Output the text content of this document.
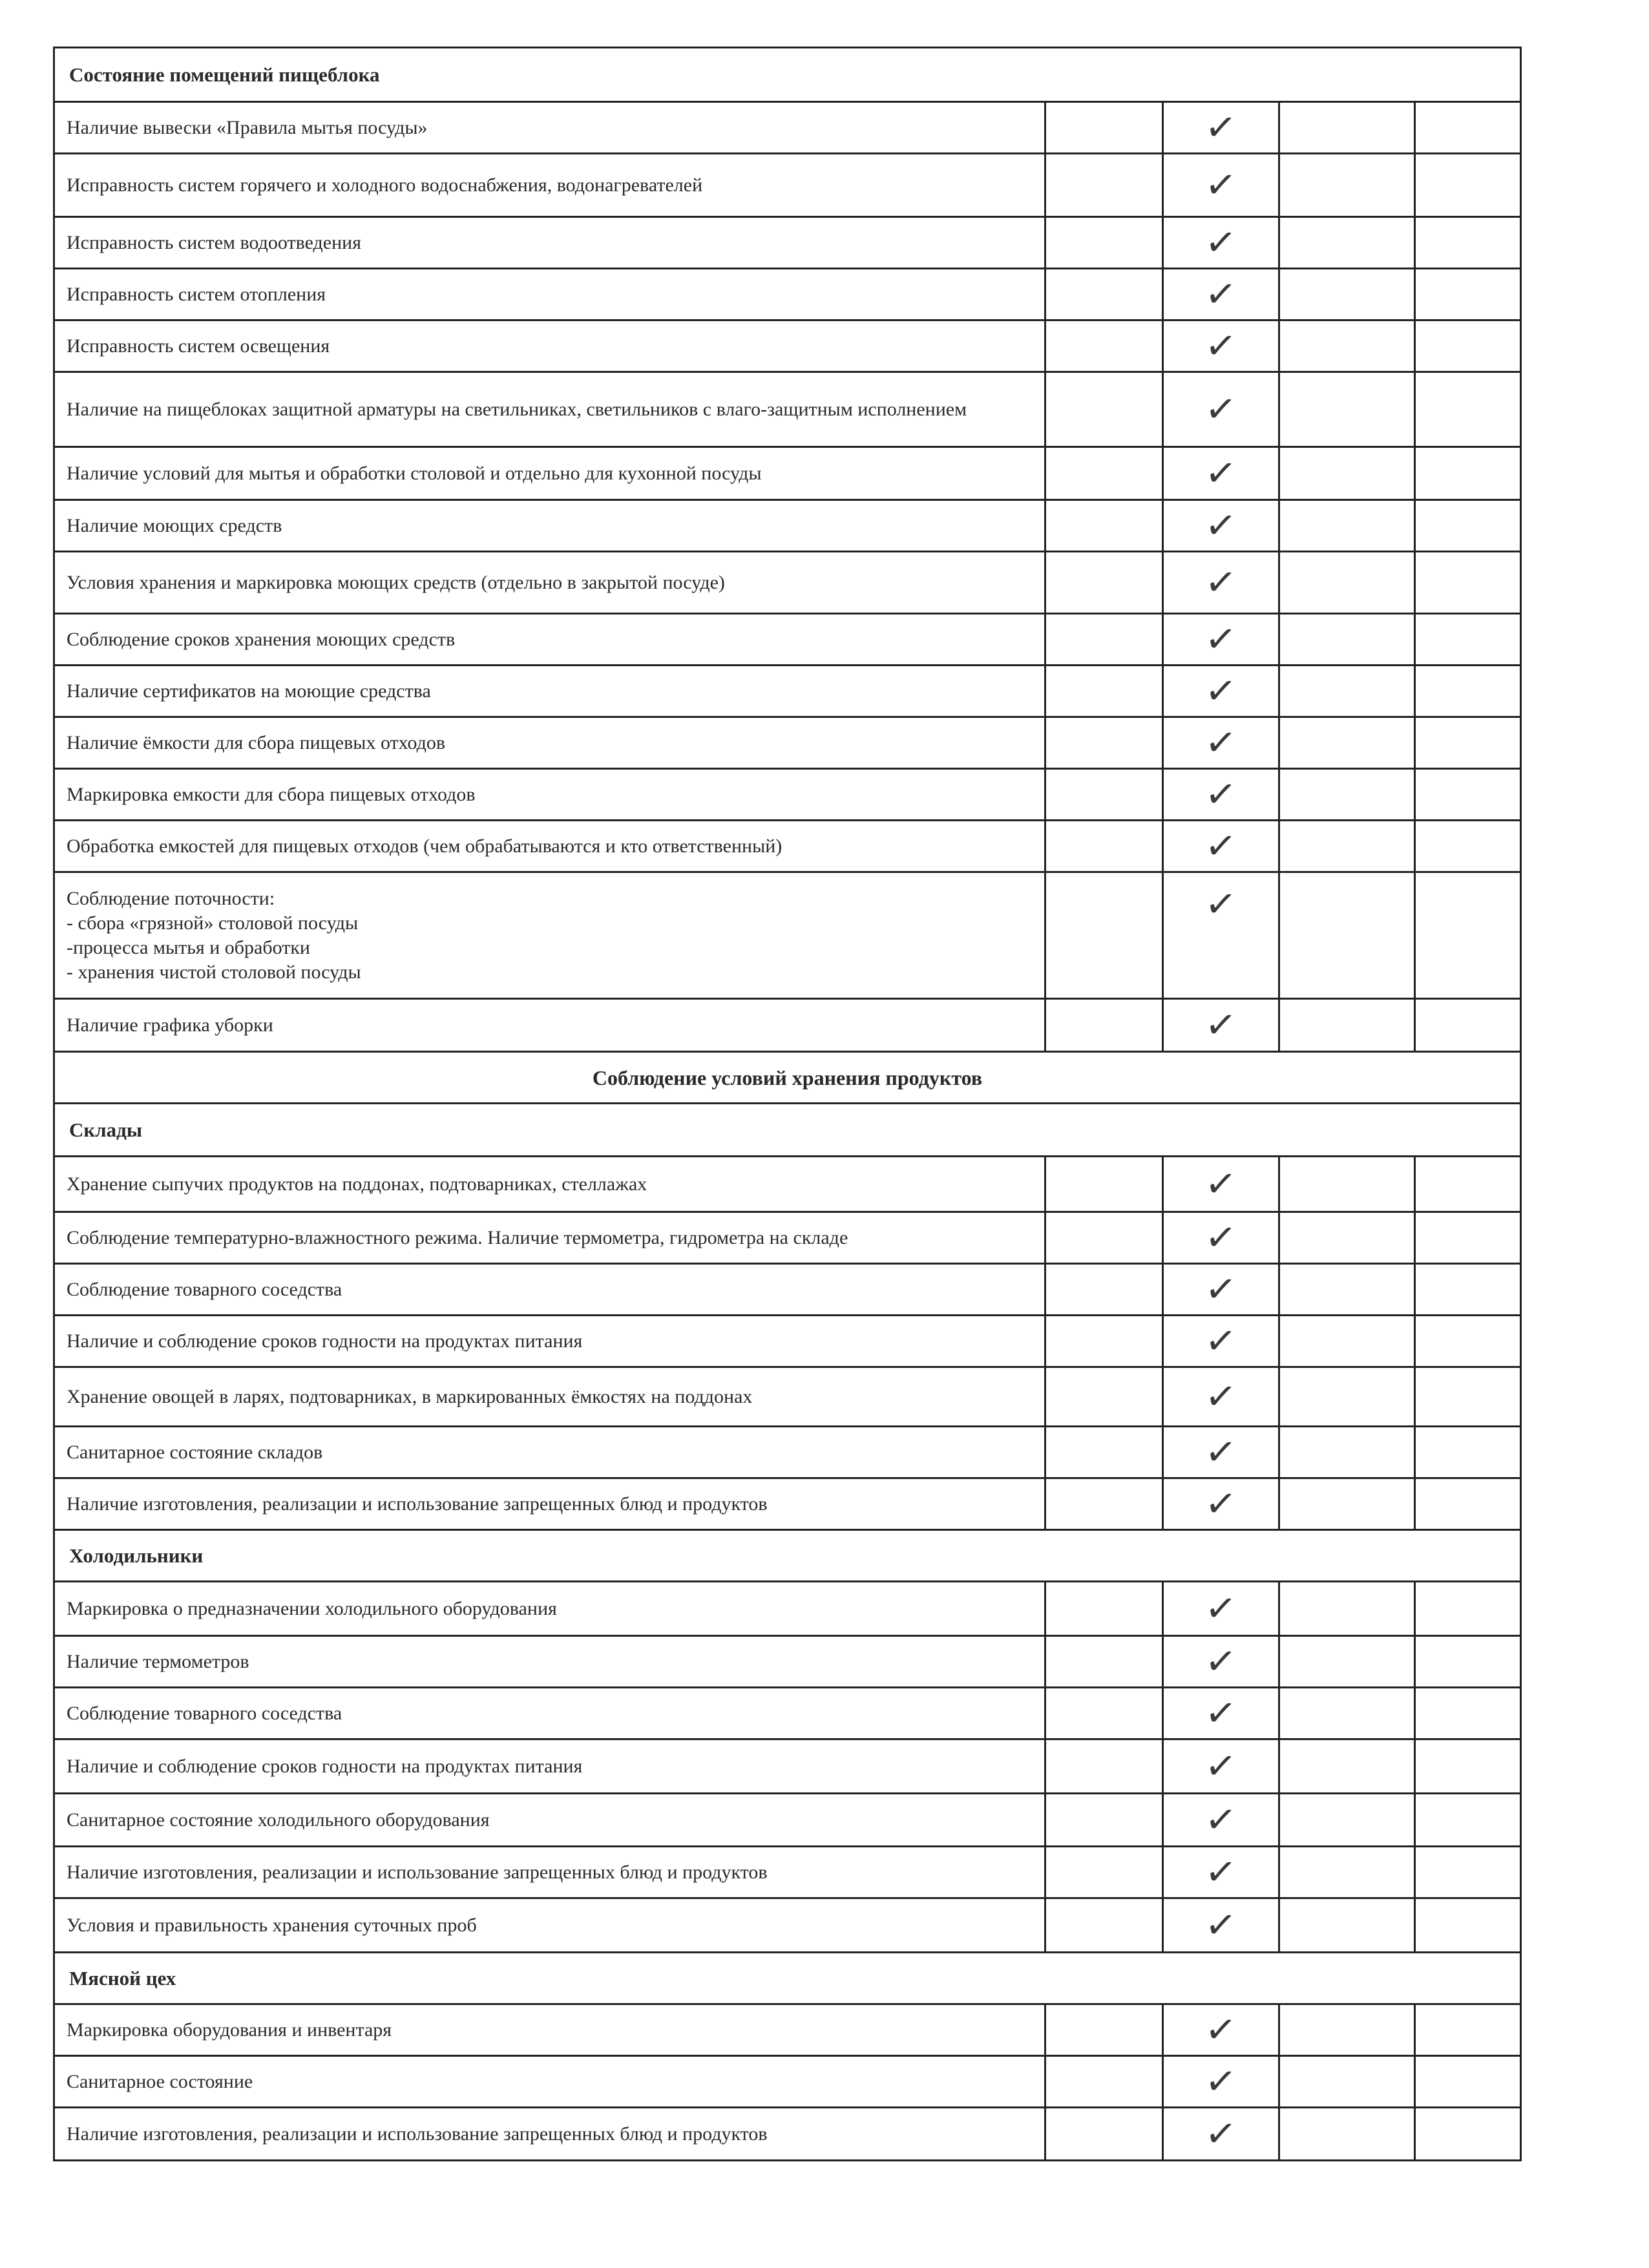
Состояние помещений пищеблока				
Наличие вывески «Правила мытья посуды»		✓		
Исправность систем горячего и холодного водоснабжения, водонагревателей		✓		
Исправность систем водоотведения		✓		
Исправность систем отопления		✓		
Исправность систем освещения		✓		
Наличие на пищеблоках защитной арматуры на светильниках, светильников с влаго-защитным исполнением		✓		
Наличие условий для мытья и обработки столовой и отдельно для кухонной посуды		✓		
Наличие моющих средств		✓		
Условия хранения и маркировка моющих средств (отдельно в закрытой посуде)		✓		
Соблюдение сроков хранения моющих средств		✓		
Наличие сертификатов на моющие средства		✓		
Наличие ёмкости для сбора пищевых отходов		✓		
Маркировка емкости для сбора пищевых отходов		✓		
Обработка емкостей для пищевых отходов (чем обрабатываются и кто ответственный)		✓		
Соблюдение поточности:
- сбора «грязной» столовой посуды
-процесса мытья и обработки
- хранения чистой столовой посуды		✓		
Наличие графика уборки		✓		
Соблюдение условий хранения продуктов				
Склады				
Хранение сыпучих продуктов на поддонах, подтоварниках, стеллажах		✓		
Соблюдение температурно-влажностного режима. Наличие термометра, гидрометра на складе		✓		
Соблюдение товарного соседства		✓		
Наличие и соблюдение сроков годности на продуктах питания		✓		
Хранение овощей в ларях, подтоварниках, в маркированных ёмкостях на поддонах		✓		
Санитарное состояние складов		✓		
Наличие изготовления, реализации и использование запрещенных блюд и продуктов		✓		
Холодильники				
Маркировка о предназначении холодильного оборудования		✓		
Наличие термометров		✓		
Соблюдение товарного соседства		✓		
Наличие и соблюдение сроков годности на продуктах питания		✓		
Санитарное состояние холодильного оборудования		✓		
Наличие изготовления, реализации и использование запрещенных блюд и продуктов		✓		
Условия и правильность хранения суточных проб		✓		
Мясной цех				
Маркировка оборудования и инвентаря		✓		
Санитарное состояние		✓		
Наличие изготовления, реализации и использование запрещенных блюд и продуктов		✓		
